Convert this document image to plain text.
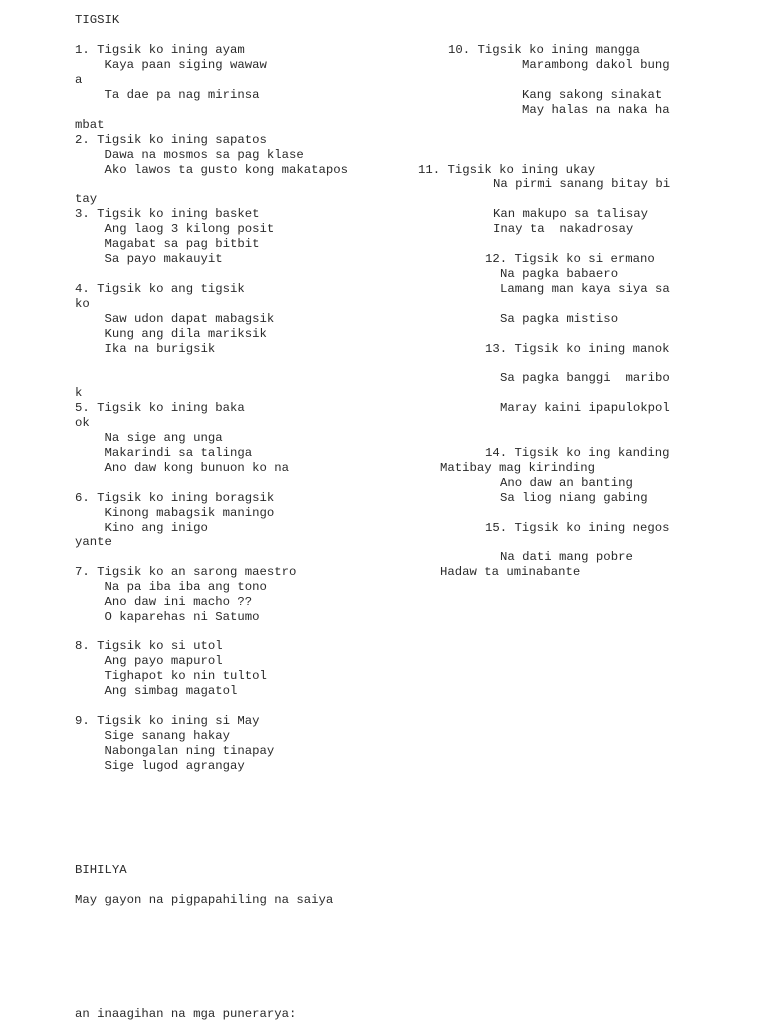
TIGSIK
1. Tigsik ko ining ayam
Kaya paan siging wawaw
a
Ta dae pa nag mirinsa
mbat
2. Tigsik ko ining sapatos
Dawa na mosmos sa pag klase
Ako lawos ta gusto kong makatapos
tay
3. Tigsik ko ining basket
Ang laog 3 kilong posit
Magabat sa pag bitbit
Sa payo makauyit
4. Tigsik ko ang tigsik
ko
Saw udon dapat mabagsik
Kung ang dila mariksik
Ika na burigsik
k
5. Tigsik ko ining baka
ok
Na sige ang unga
Makarindi sa talinga
Ano daw kong bunuon ko na
6. Tigsik ko ining boragsik
Kinong mabagsik maningo
Kino ang inigo
yante
7. Tigsik ko an sarong maestro
Na pa iba iba ang tono
Ano daw ini macho ??
O kaparehas ni Satumo
8. Tigsik ko si utol
Ang payo mapurol
Tighapot ko nin tultol
Ang simbag magatol
9. Tigsik ko ining si May
Sige sanang hakay
Nabongalan ning tinapay
Sige lugod agrangay
10. Tigsik ko ining mangga
Marambong dakol bung
Kang sakong sinakat
May halas na naka ha
11. Tigsik ko ining ukay
Na pirmi sanang bitay bi
Kan makupo sa talisay
Inay ta  nakadrosay
12. Tigsik ko si ermano
Na pagka babaero
Lamang man kaya siya sa
Sa pagka mistiso
13. Tigsik ko ining manok
Sa pagka banggi  maribo
Maray kaini ipapulokpol
14. Tigsik ko ing kanding
Matibay mag kirinding
Ano daw an banting
Sa liog niang gabing
15. Tigsik ko ining negos
Na dati mang pobre
Hadaw ta uminabante
BIHILYA
May gayon na pigpapahiling na saiya
an inaagihan na mga punerarya:
